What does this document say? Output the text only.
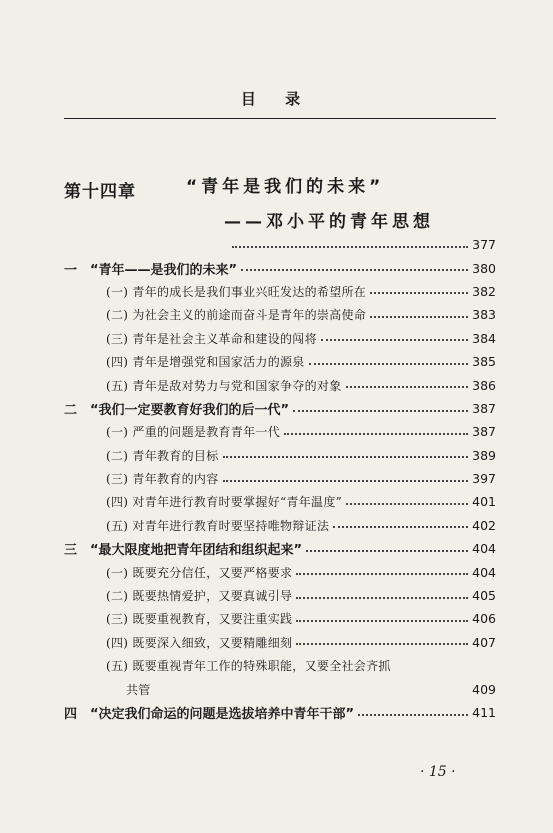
目 录
第十四章	“青年是我们的未来”
——邓小平的青年思想
377
一 “青年——是我们的未来”	380
(一) 青年的成长是我们事业兴旺发达的希望所在	382
(二) 为社会主义的前途而奋斗是青年的崇高使命	383
(三) 青年是社会主义革命和建设的闯将	384
(四) 青年是增强党和国家活力的源泉	385
(五) 青年是敌对势力与党和国家争夺的对象	386
二 “我们一定要教育好我们的后一代”	387
(一) 严重的问题是教育青年一代	387
(二) 青年教育的目标	389
(三) 青年教育的内容	397
(四) 对青年进行教育时要掌握好“青年温度”	401
(五) 对青年进行教育时要坚持唯物辩证法	402
三 “最大限度地把青年团结和组织起来”	404
(一) 既要充分信任，又要严格要求	404
(二) 既要热情爱护，又要真诚引导	405
(三) 既要重视教育，又要注重实践	406
(四) 既要深入细致，又要精雕细刻	407
(五) 既要重视青年工作的特殊职能，又要全社会齐抓
共管	409
四 “决定我们命运的问题是选拔培养中青年干部”	411
· 15 ·
